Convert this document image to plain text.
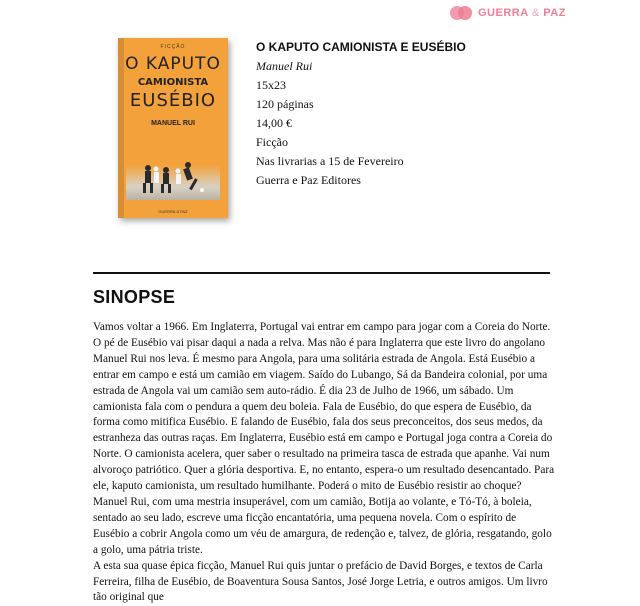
GUERRA & PAZ
FICÇÃO
O KAPUTO
CAMIONISTA
EUSÉBIO
MANUEL RUI
GUERRA & PAZ
O KAPUTO CAMIONISTA E EUSÉBIO
Manuel Rui
15x23
120 páginas
14,00 €
Ficção
Nas livrarias a 15 de Fevereiro
Guerra e Paz Editores
SINOPSE

Vamos voltar a 1966. Em Inglaterra, Portugal vai entrar em campo para jogar com a Coreia do Norte. O pé de Eusébio vai pisar daqui a nada a relva. Mas não é para Inglaterra que este livro do angolano Manuel Rui nos leva. É mesmo para Angola, para uma solitária estrada de Angola. Está Eusébio a entrar em campo e está um camião em viagem. Saído do Lubango, Sá da Bandeira colonial, por uma estrada de Angola vai um camião sem auto-rádio. É dia 23 de Julho de 1966, um sábado. Um camionista fala com o pendura a quem deu boleia. Fala de Eusébio, do que espera de Eusébio, da forma como mitifica Eusébio. E falando de Eusébio, fala dos seus preconceitos, dos seus medos, da estranheza das outras raças. Em Inglaterra, Eusébio está em campo e Portugal joga contra a Coreia do Norte. O camionista acelera, quer saber o resultado na primeira tasca de estrada que apanhe. Vai num alvoroço patriótico. Quer a glória desportiva. E, no entanto, espera-o um resultado desencantado. Para ele, kaputo camionista, um resultado humilhante. Poderá o mito de Eusébio resistir ao choque?

Manuel Rui, com uma mestria insuperável, com um camião, Botija ao volante, e Tó-Tó, à boleia, sentado ao seu lado, escreve uma ficção encantatória, uma pequena novela. Com o espírito de Eusébio a cobrir Angola como um véu de amargura, de redenção e, talvez, de glória, resgatando, golo a golo, uma pátria triste.

A esta sua quase épica ficção, Manuel Rui quis juntar o prefácio de David Borges, e textos de Carla Ferreira, filha de Eusébio, de Boaventura Sousa Santos, José Jorge Letria, e outros amigos. Um livro tão original que
